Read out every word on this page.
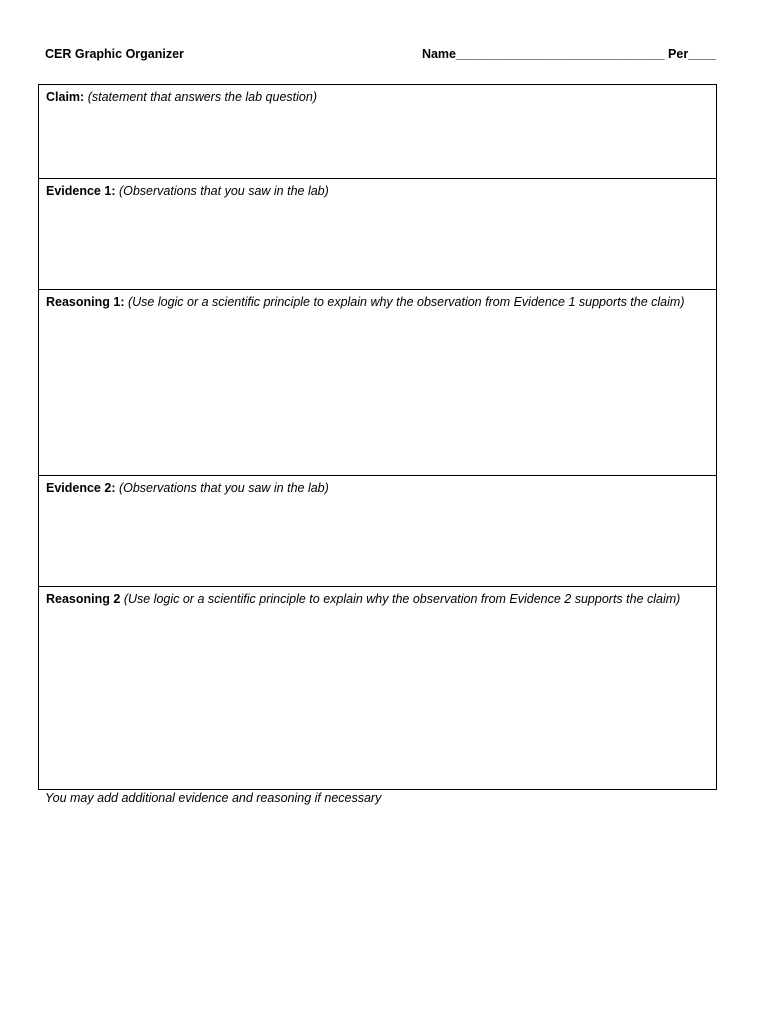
CER Graphic Organizer	Name______________________________ Per____
Claim: (statement that answers the lab question)
Evidence 1: (Observations that you saw in the lab)
Reasoning 1: (Use logic or a scientific principle to explain why the observation from Evidence 1 supports the claim)
Evidence 2: (Observations that you saw in the lab)
Reasoning 2 (Use logic or a scientific principle to explain why the observation from Evidence 2 supports the claim)
You may add additional evidence and reasoning if necessary
